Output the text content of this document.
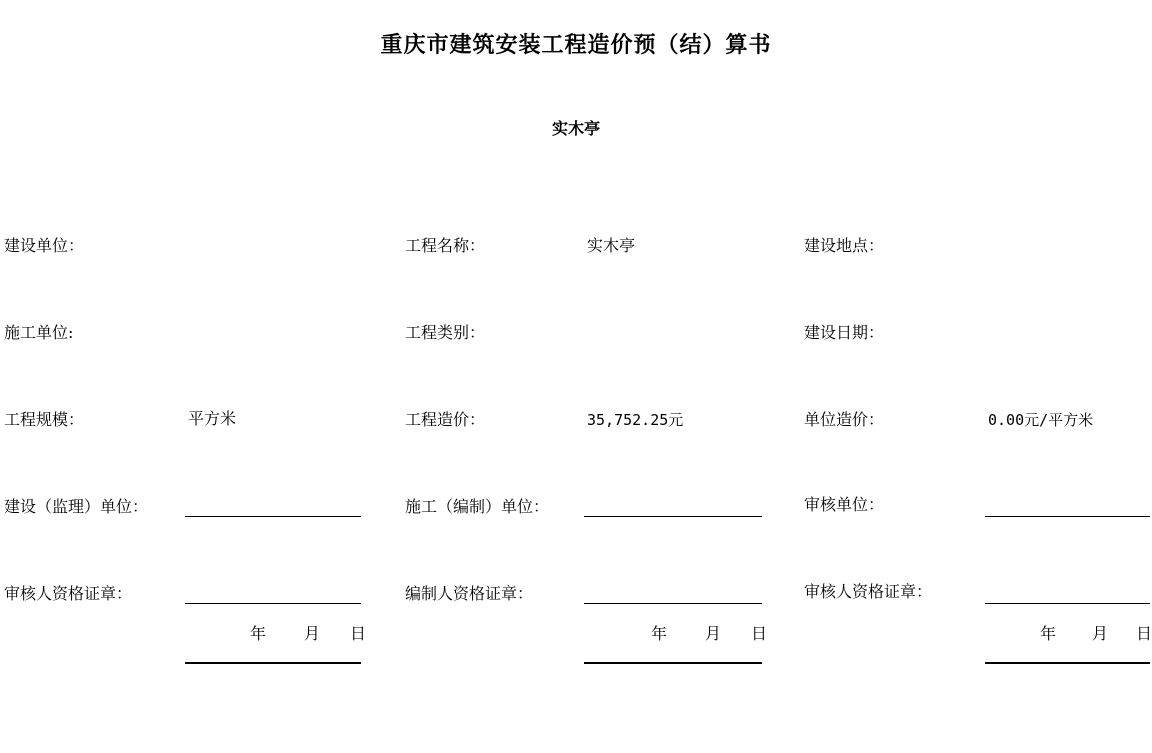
重庆市建筑安装工程造价预（结）算书
实木亭
建设单位：	工程名称：	实木亭	建设地点：
施工单位:	工程类别：	建设日期：
工程规模：	平方米	工程造价：	35,752.25元	单位造价：	0.00元/平方米
建设（监理）单位：	施工（编制）单位：	审核单位：
审核人资格证章：	编制人资格证章：	审核人资格证章：
年 月 日	年 月 日	年 月 日
